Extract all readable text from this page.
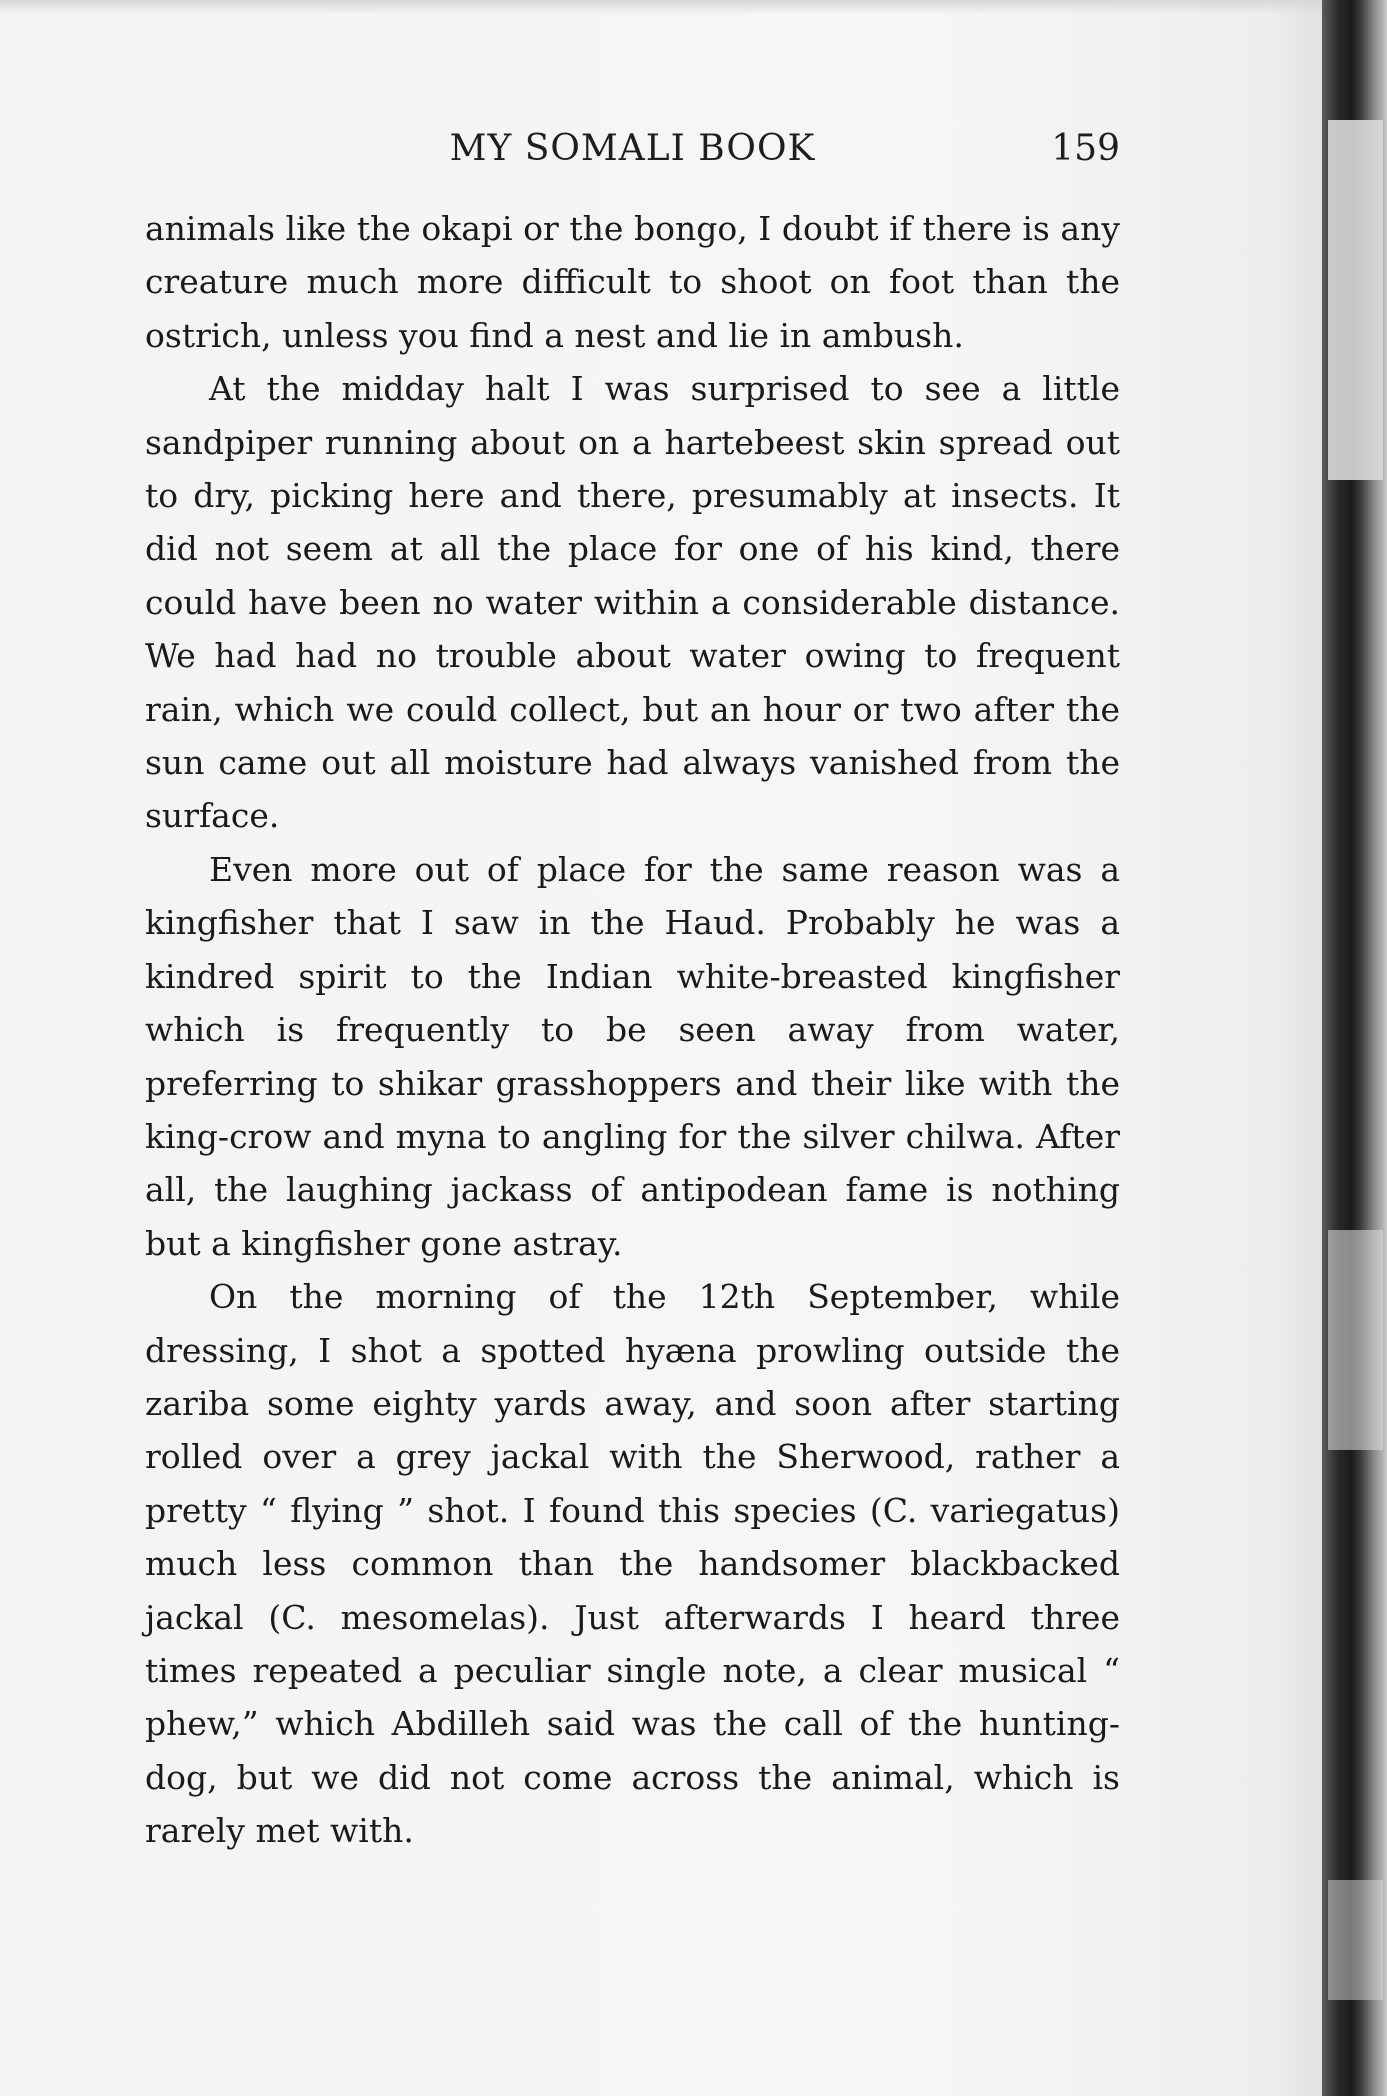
MY SOMALI BOOK	159

animals like the okapi or the bongo, I doubt if there is any creature much more difficult to shoot on foot than the ostrich, unless you find a nest and lie in ambush.

At the midday halt I was surprised to see a little sandpiper running about on a hartebeest skin spread out to dry, picking here and there, presumably at insects. It did not seem at all the place for one of his kind, there could have been no water within a considerable distance. We had had no trouble about water owing to frequent rain, which we could collect, but an hour or two after the sun came out all moisture had always vanished from the surface.

Even more out of place for the same reason was a kingfisher that I saw in the Haud. Probably he was a kindred spirit to the Indian white-breasted kingfisher which is frequently to be seen away from water, preferring to shikar grasshoppers and their like with the king-crow and myna to angling for the silver chilwa. After all, the laughing jackass of antipodean fame is nothing but a kingfisher gone astray.

On the morning of the 12th September, while dressing, I shot a spotted hyæna prowling outside the zariba some eighty yards away, and soon after starting rolled over a grey jackal with the Sherwood, rather a pretty “ flying ” shot. I found this species (C. variegatus) much less common than the handsomer blackbacked jackal (C. mesomelas). Just afterwards I heard three times repeated a peculiar single note, a clear musical “ phew,” which Abdilleh said was the call of the hunting-dog, but we did not come across the animal, which is rarely met with.
